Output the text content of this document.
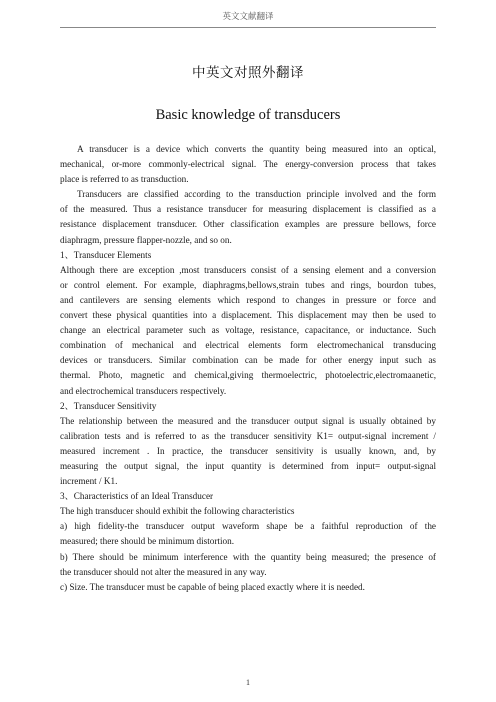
英文文献翻译
中英文对照外翻译
Basic knowledge of transducers

A transducer is a device which converts the quantity being measured into an optical,
mechanical, or-more commonly-electrical signal. The energy-conversion process that takes
place is referred to as transduction.

Transducers are classified according to the transduction principle involved and the form
of the measured. Thus a resistance transducer for measuring displacement is classified as a
resistance displacement transducer. Other classification examples are pressure bellows, force
diaphragm, pressure flapper-nozzle, and so on.

1、Transducer Elements

Although there are exception ,most transducers consist of a sensing element and a conversion
or control element. For example, diaphragms,bellows,strain tubes and rings, bourdon tubes,
and cantilevers are sensing elements which respond to changes in pressure or force and
convert these physical quantities into a displacement. This displacement may then be used to
change an electrical parameter such as voltage, resistance, capacitance, or inductance. Such
combination of mechanical and electrical elements form electromechanical transducing
devices or transducers. Similar combination can be made for other energy input such as
thermal. Photo, magnetic and chemical,giving thermoelectric, photoelectric,electromaanetic,
and electrochemical transducers respectively.

2、Transducer Sensitivity

The relationship between the measured and the transducer output signal is usually obtained by
calibration tests and is referred to as the transducer sensitivity K1= output-signal increment /
measured increment . In practice, the transducer sensitivity is usually known, and, by
measuring the output signal, the input quantity is determined from input= output-signal
increment / K1.

3、Characteristics of an Ideal Transducer

The high transducer should exhibit the following characteristics
a) high fidelity-the transducer output waveform shape be a faithful reproduction of the
measured; there should be minimum distortion.
b) There should be minimum interference with the quantity being measured; the presence of
the transducer should not alter the measured in any way.
c) Size. The transducer must be capable of being placed exactly where it is needed.

1
